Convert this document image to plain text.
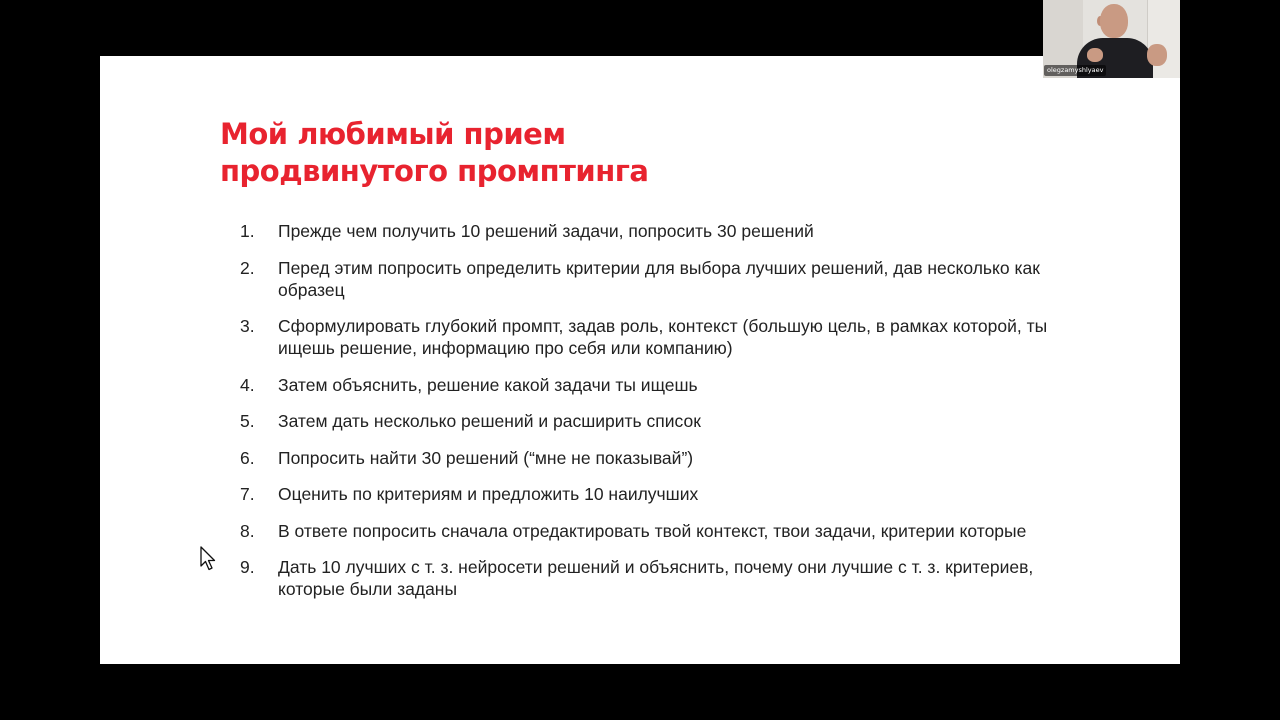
Мой любимый прием
продвинутого промптинга
1. Прежде чем получить 10 решений задачи, попросить 30 решений
2. Перед этим попросить определить критерии для выбора лучших решений, дав несколько как образец
3. Сформулировать глубокий промпт, задав роль, контекст (большую цель, в рамках которой, ты ищешь решение, информацию про себя или компанию)
4. Затем объяснить, решение какой задачи ты ищешь
5. Затем дать несколько решений и расширить список
6. Попросить найти 30 решений (“мне не показывай”)
7. Оценить по критериям и предложить 10 наилучших
8. В ответе попросить сначала отредактировать твой контекст, твои задачи, критерии которые
9. Дать 10 лучших с т. з. нейросети решений и объяснить, почему они лучшие с т. з. критериев, которые были заданы
olegzamyshlyaev
